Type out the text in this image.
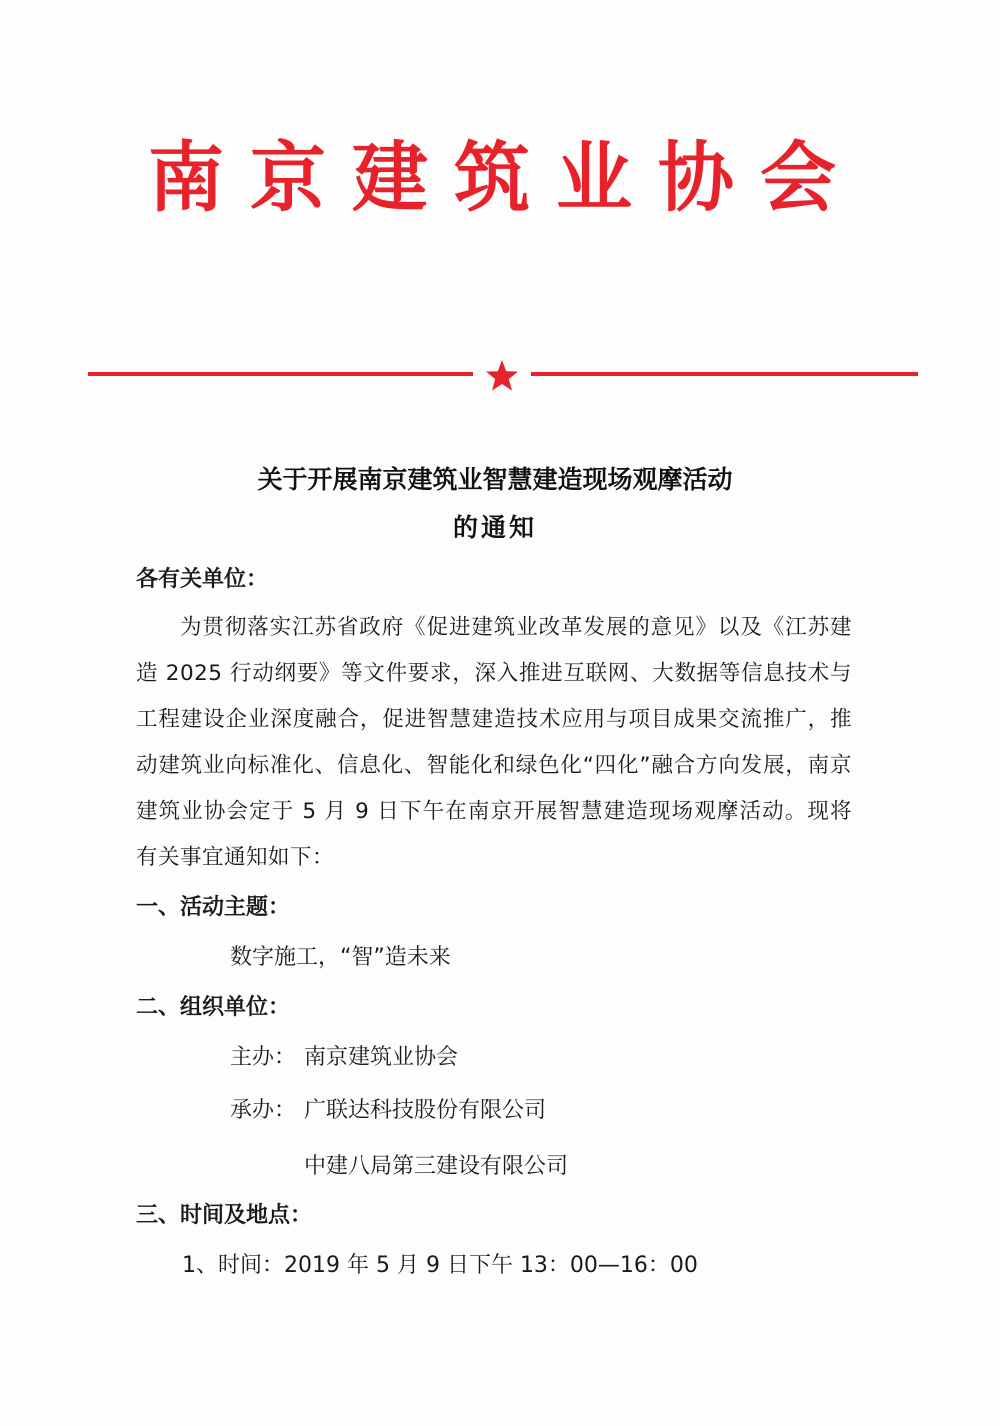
南京建筑业协会
关于开展南京建筑业智慧建造现场观摩活动
的通知
各有关单位：
为贯彻落实江苏省政府《促进建筑业改革发展的意见》以及《江苏建造 2025 行动纲要》等文件要求，深入推进互联网、大数据等信息技术与工程建设企业深度融合，促进智慧建造技术应用与项目成果交流推广，推动建筑业向标准化、信息化、智能化和绿色化“四化”融合方向发展，南京建筑业协会定于 5 月 9 日下午在南京开展智慧建造现场观摩活动。现将有关事宜通知如下：
一、活动主题：
数字施工，“智”造未来
二、组织单位：
主办： 南京建筑业协会
承办： 广联达科技股份有限公司
中建八局第三建设有限公司
三、时间及地点：
1、时间：2019 年 5 月 9 日下午 13：00—16：00
